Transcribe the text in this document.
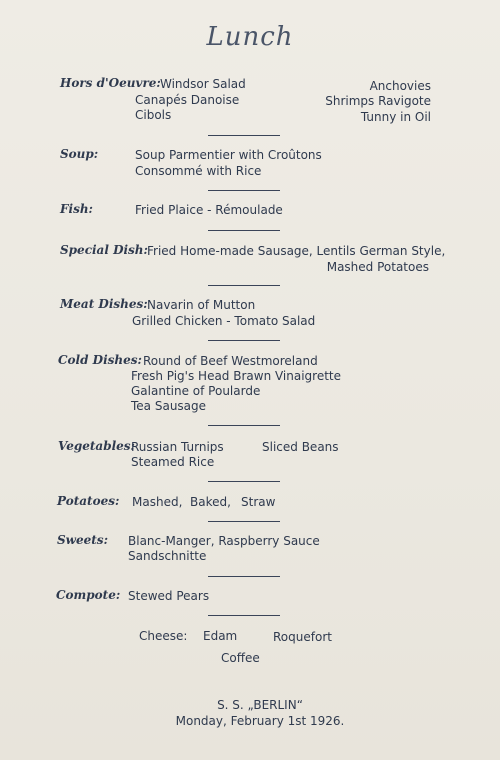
Lunch
Hors d'Oeuvre: Windsor Salad
Canapés Danoise
Cibols
Anchovies
Shrimps Ravigote
Tunny in Oil
Soup:	Soup Parmentier with Croûtons
Consommé with Rice
Fish:	Fried Plaice - Rémoulade
Special Dish: Fried Home-made Sausage, Lentils German Style,
Mashed Potatoes
Meat Dishes: Navarin of Mutton
Grilled Chicken - Tomato Salad
Cold Dishes: Round of Beef Westmoreland
Fresh Pig's Head Brawn Vinaigrette
Galantine of Poularde
Tea Sausage
Vegetables:
Russian Turnips	Sliced Beans
Steamed Rice
Potatoes: Mashed, Baked, Straw
Sweets: Blanc-Manger, Raspberry Sauce
Sandschnitte
Compote: Stewed Pears
Cheese: Edam	Roquefort
Coffee
S. S. „BERLIN“
Monday, February 1st 1926.
